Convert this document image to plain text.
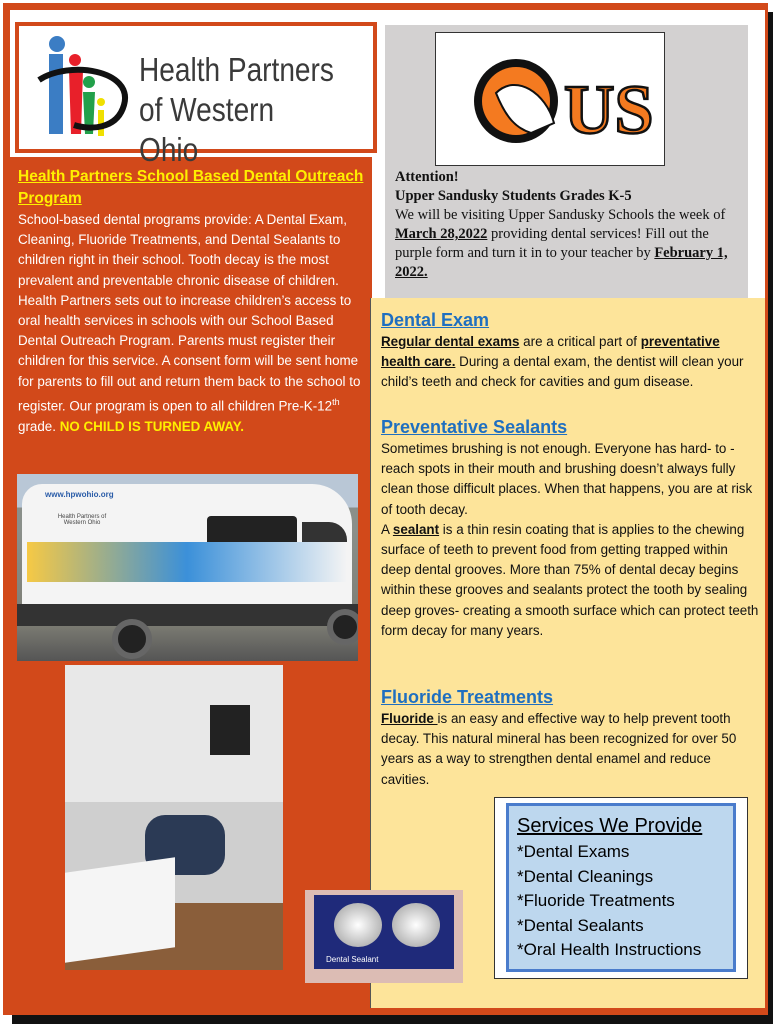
Health Partners
of Western Ohio
US
Attention!
Upper Sandusky Students Grades K-5
We will be visiting Upper Sandusky Schools the week of March 28,2022 providing dental services! Fill out the purple form and turn it in to your teacher by February 1, 2022.
Health Partners School Based Dental Outreach Program

School-based dental programs provide: A Dental Exam, Cleaning, Fluoride Treatments, and Dental Sealants to children right in their school. Tooth decay is the most prevalent and preventable chronic disease of children. Health Partners sets out to increase children’s access to oral health services in schools with our School Based Dental Outreach Program. Parents must register their children for this service. A consent form will be sent home for parents to fill out and return them back to the school to register. Our program is open to all children Pre-K-12th grade. NO CHILD IS TURNED AWAY.

www.hpwohio.org
Health Partners of Western Ohio
Dental Sealant
Dental Exam

Regular dental exams are a critical part of preventative health care. During a dental exam, the dentist will clean your child’s teeth and check for cavities and gum disease.

Preventative Sealants

Sometimes brushing is not enough. Everyone has hard- to -reach spots in their mouth and brushing doesn’t always fully clean those difficult places. When that happens, you are at risk of tooth decay.

A sealant is a thin resin coating that is applies to the chewing surface of teeth to prevent food from getting trapped within deep dental grooves. More than 75% of dental decay begins within these grooves and sealants protect the tooth by sealing deep groves- creating a smooth surface which can protect teeth form decay for many years.

Fluoride Treatments

Fluoride is an easy and effective way to help prevent tooth decay. This natural mineral has been recognized for over 50 years as a way to strengthen dental enamel and reduce cavities.

Services We Provide
*Dental Exams
*Dental Cleanings
*Fluoride Treatments
*Dental Sealants
*Oral Health Instructions
